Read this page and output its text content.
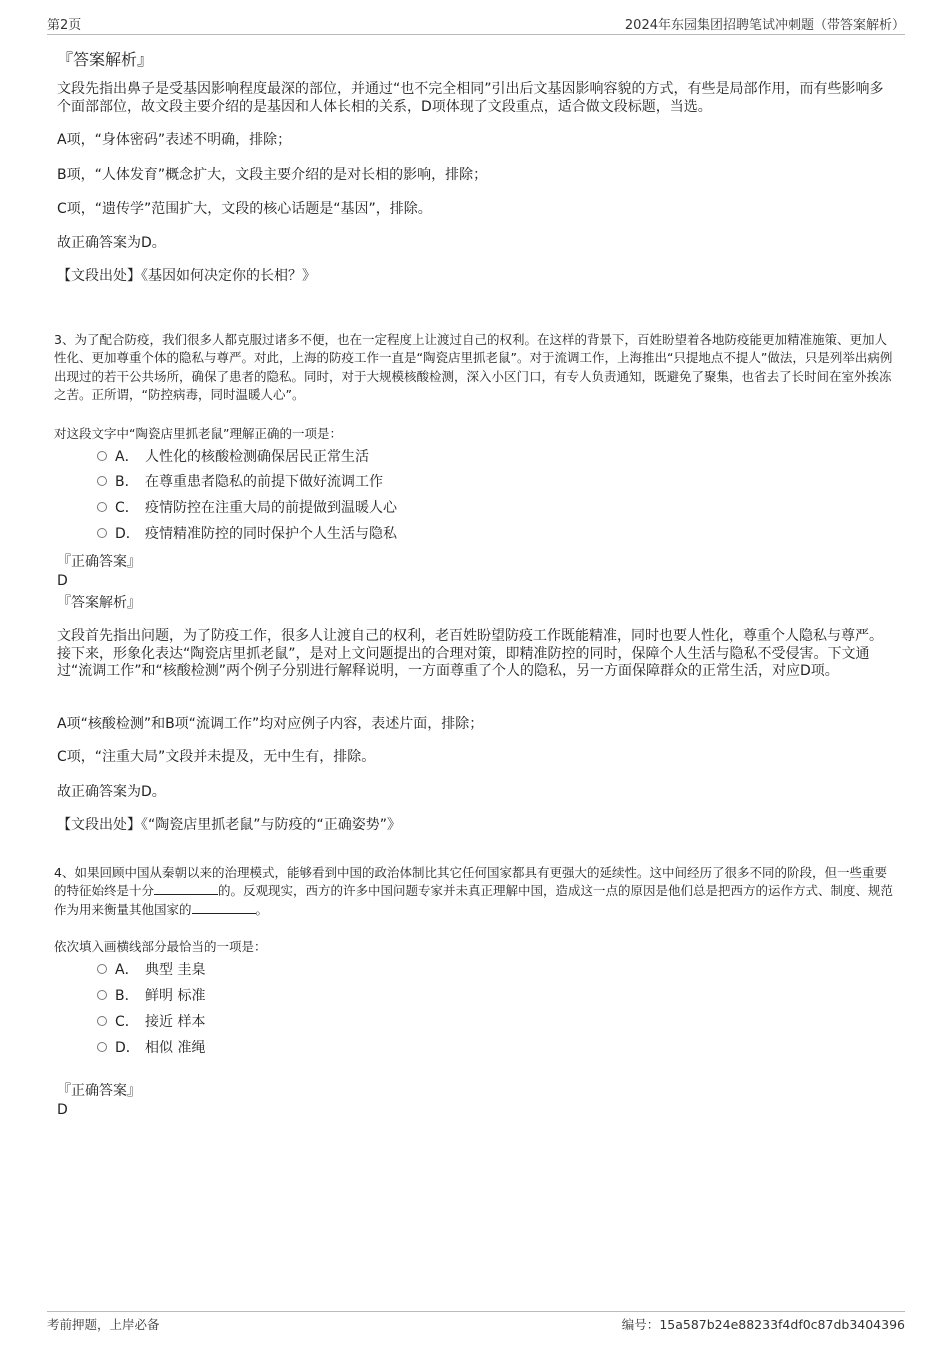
第2页	2024年东园集团招聘笔试冲刺题（带答案解析）
『答案解析』

文段先指出鼻子是受基因影响程度最深的部位，并通过“也不完全相同”引出后文基因影响容貌的方式，有些是局部作用，而有些影响多个面部部位，故文段主要介绍的是基因和人体长相的关系，D项体现了文段重点，适合做文段标题，当选。

A项，“身体密码”表述不明确，排除；

B项，“人体发育”概念扩大，文段主要介绍的是对长相的影响，排除；

C项，“遗传学”范围扩大，文段的核心话题是“基因”，排除。

故正确答案为D。

【文段出处】《基因如何决定你的长相？》

3、为了配合防疫，我们很多人都克服过诸多不便，也在一定程度上让渡过自己的权利。在这样的背景下，百姓盼望着各地防疫能更加精准施策、更加人性化、更加尊重个体的隐私与尊严。对此，上海的防疫工作一直是“陶瓷店里抓老鼠”。对于流调工作，上海推出“只提地点不提人”做法，只是列举出病例出现过的若干公共场所，确保了患者的隐私。同时，对于大规模核酸检测，深入小区门口，有专人负责通知，既避免了聚集，也省去了长时间在室外挨冻之苦。正所谓，“防控病毒，同时温暖人心”。

对这段文字中“陶瓷店里抓老鼠”理解正确的一项是：

A． 人性化的核酸检测确保居民正常生活
B． 在尊重患者隐私的前提下做好流调工作
C． 疫情防控在注重大局的前提做到温暖人心
D． 疫情精准防控的同时保护个人生活与隐私

『正确答案』

D

『答案解析』

文段首先指出问题，为了防疫工作，很多人让渡自己的权利，老百姓盼望防疫工作既能精准，同时也要人性化，尊重个人隐私与尊严。接下来，形象化表达“陶瓷店里抓老鼠”，是对上文问题提出的合理对策，即精准防控的同时，保障个人生活与隐私不受侵害。下文通过“流调工作”和“核酸检测”两个例子分别进行解释说明，一方面尊重了个人的隐私，另一方面保障群众的正常生活，对应D项。

A项“核酸检测”和B项“流调工作”均对应例子内容，表述片面，排除；

C项，“注重大局”文段并未提及，无中生有，排除。

故正确答案为D。

【文段出处】《“陶瓷店里抓老鼠”与防疫的“正确姿势”》

4、如果回顾中国从秦朝以来的治理模式，能够看到中国的政治体制比其它任何国家都具有更强大的延续性。这中间经历了很多不同的阶段，但一些重要的特征始终是十分	的。反观现实，西方的许多中国问题专家并未真正理解中国，造成这一点的原因是他们总是把西方的运作方式、制度、规范作为用来衡量其他国家的	。

依次填入画横线部分最恰当的一项是：

A． 典型 圭臬
B． 鲜明 标准
C． 接近 样本
D． 相似 准绳

『正确答案』

D

考前押题，上岸必备	编号：15a587b24e88233f4df0c87db3404396
